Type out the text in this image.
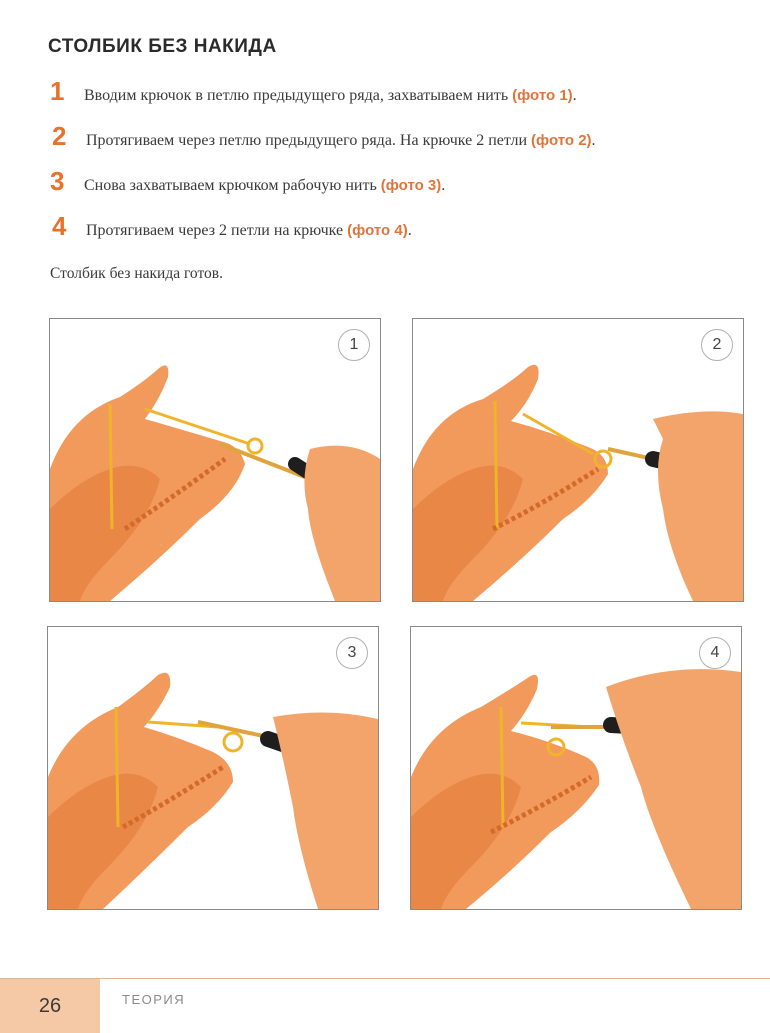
СТОЛБИК БЕЗ НАКИДА
1	Вводим крючок в петлю предыдущего ряда, захватываем нить (фото 1).
2	Протягиваем через петлю предыдущего ряда. На крючке 2 петли (фото 2).
3	Снова захватываем крючком рабочую нить (фото 3).
4	Протягиваем через 2 петли на крючке (фото 4).

Столбик без накида готов.

1	2
3	4
26	ТЕОРИЯ
